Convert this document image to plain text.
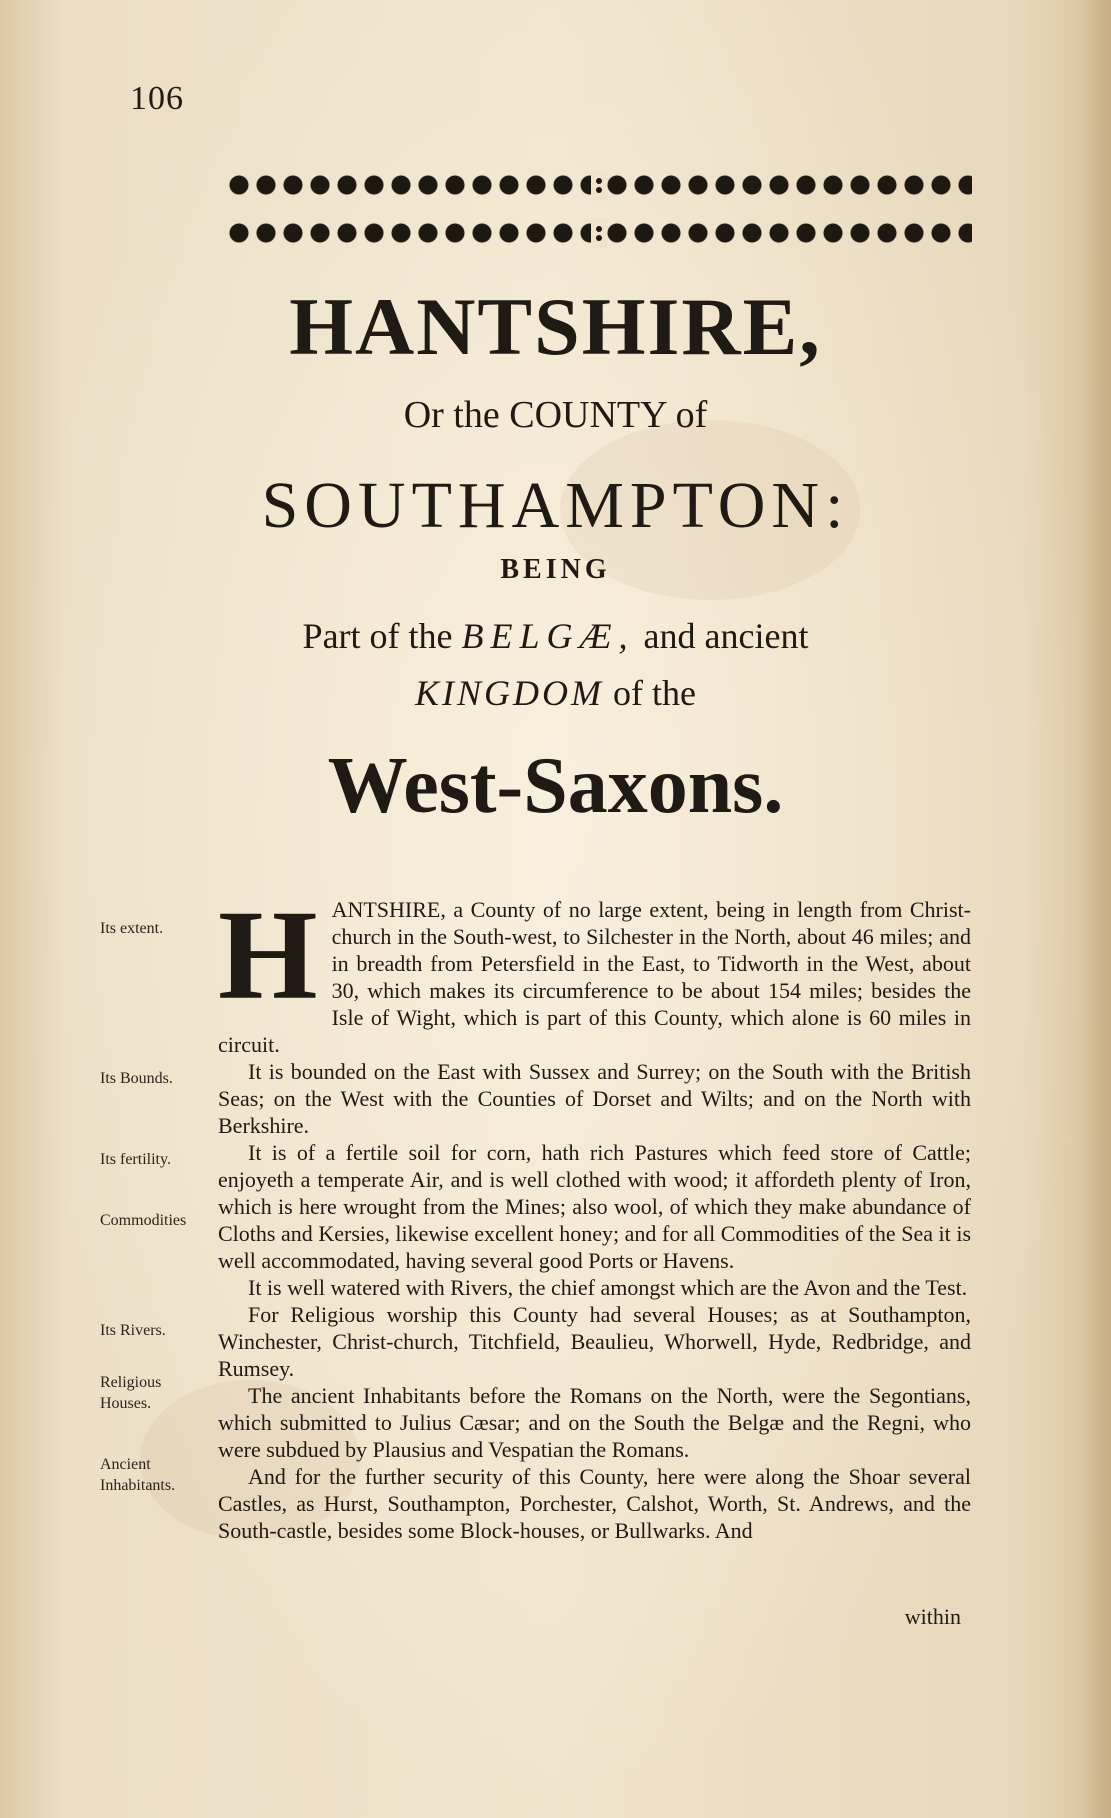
106
HANTSHIRE,
Or the COUNTY of
SOUTHAMPTON:
BEING
Part of the BELGÆ, and ancient
KINGDOM of the
West-Saxons.
Its extent.
Its Bounds.
Its fertility.
Commodities
Its Rivers.
Religious Houses.
Ancient Inhabitants.

H ANTSHIRE, a County of no large extent, being in length from Christ-church in the South-west, to Silchester in the North, about 46 miles; and in breadth from Petersfield in the East, to Tidworth in the West, about 30, which makes its circumference to be about 154 miles; besides the Isle of Wight, which is part of this County, which alone is 60 miles in circuit.

It is bounded on the East with Sussex and Surrey; on the South with the British Seas; on the West with the Counties of Dorset and Wilts; and on the North with Berkshire.

It is of a fertile soil for corn, hath rich Pastures which feed store of Cattle; enjoyeth a temperate Air, and is well clothed with wood; it affordeth plenty of Iron, which is here wrought from the Mines; also wool, of which they make abundance of Cloths and Kersies, likewise excellent honey; and for all Commodities of the Sea it is well accommodated, having several good Ports or Havens.

It is well watered with Rivers, the chief amongst which are the Avon and the Test.

For Religious worship this County had several Houses; as at Southampton, Winchester, Christ-church, Titchfield, Beaulieu, Whorwell, Hyde, Redbridge, and Rumsey.

The ancient Inhabitants before the Romans on the North, were the Segontians, which submitted to Julius Cæsar; and on the South the Belgæ and the Regni, who were subdued by Plausius and Vespatian the Romans.

And for the further security of this County, here were along the Shoar several Castles, as Hurst, Southampton, Porchester, Calshot, Worth, St. Andrews, and the South-castle, besides some Block-houses, or Bullwarks. And

within
